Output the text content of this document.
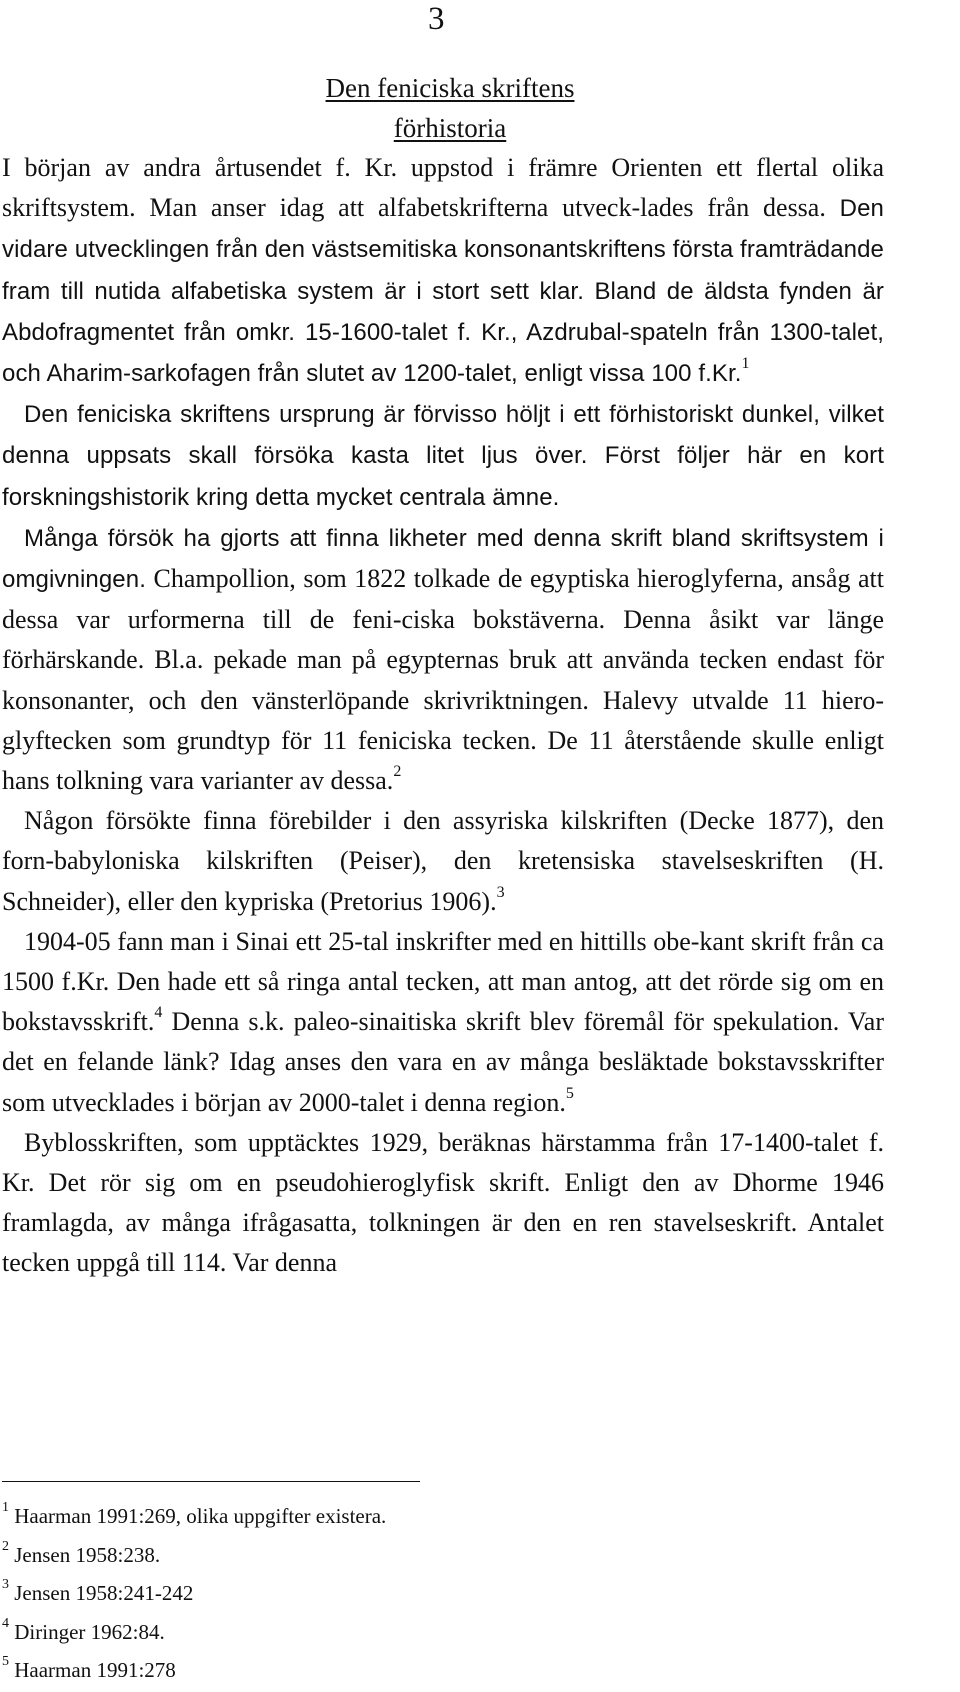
3
Den feniciska skriftens
förhistoria

I början av andra årtusendet f. Kr. uppstod i främre Orienten ett flertal olika skriftsystem. Man anser idag att alfabetskrifterna utveck-lades från dessa. Den vidare utvecklingen från den västsemitiska konsonantskriftens första framträdande fram till nutida alfabetiska system är i stort sett klar. Bland de äldsta fynden är Abdofragmentet från omkr. 15-1600-talet f. Kr., Azdrubal-spateln från 1300-talet, och Aharim-sarkofagen från slutet av 1200-talet, enligt vissa 100 f.Kr.$^1$

Den feniciska skriftens ursprung är förvisso höljt i ett förhistoriskt dunkel, vilket denna uppsats skall försöka kasta litet ljus över. Först följer här en kort forskningshistorik kring detta mycket centrala ämne.

Många försök ha gjorts att finna likheter med denna skrift bland skriftsystem i omgivningen. Champollion, som 1822 tolkade de egyptiska hieroglyferna, ansåg att dessa var urformerna till de feni-ciska bokstäverna. Denna åsikt var länge förhärskande. Bl.a. pekade man på egypternas bruk att använda tecken endast för konsonanter, och den vänsterlöpande skrivriktningen. Halevy utvalde 11 hiero-glyftecken som grundtyp för 11 feniciska tecken. De 11 återstående skulle enligt hans tolkning vara varianter av dessa.$^2$

Någon försökte finna förebilder i den assyriska kilskriften (Decke 1877), den forn-babyloniska kilskriften (Peiser), den kretensiska stavelseskriften (H. Schneider), eller den kypriska (Pretorius 1906).$^3$

1904-05 fann man i Sinai ett 25-tal inskrifter med en hittills obe-kant skrift från ca 1500 f.Kr. Den hade ett så ringa antal tecken, att man antog, att det rörde sig om en bokstavsskrift.$^4$ Denna s.k. paleo-sinaitiska skrift blev föremål för spekulation. Var det en felande länk? Idag anses den vara en av många besläktade bokstavsskrifter som utvecklades i början av 2000-talet i denna region.$^5$

Byblosskriften, som upptäcktes 1929, beräknas härstamma från 17-1400-talet f. Kr. Det rör sig om en pseudohieroglyfisk skrift. Enligt den av Dhorme 1946 framlagda, av många ifrågasatta, tolkningen är den en ren stavelseskrift. Antalet tecken uppgå till 114. Var denna

$^1$ Haarman 1991:269, olika uppgifter existera.
$^2$ Jensen 1958:238.
$^3$ Jensen 1958:241-242
$^4$ Diringer 1962:84.
$^5$ Haarman 1991:278
